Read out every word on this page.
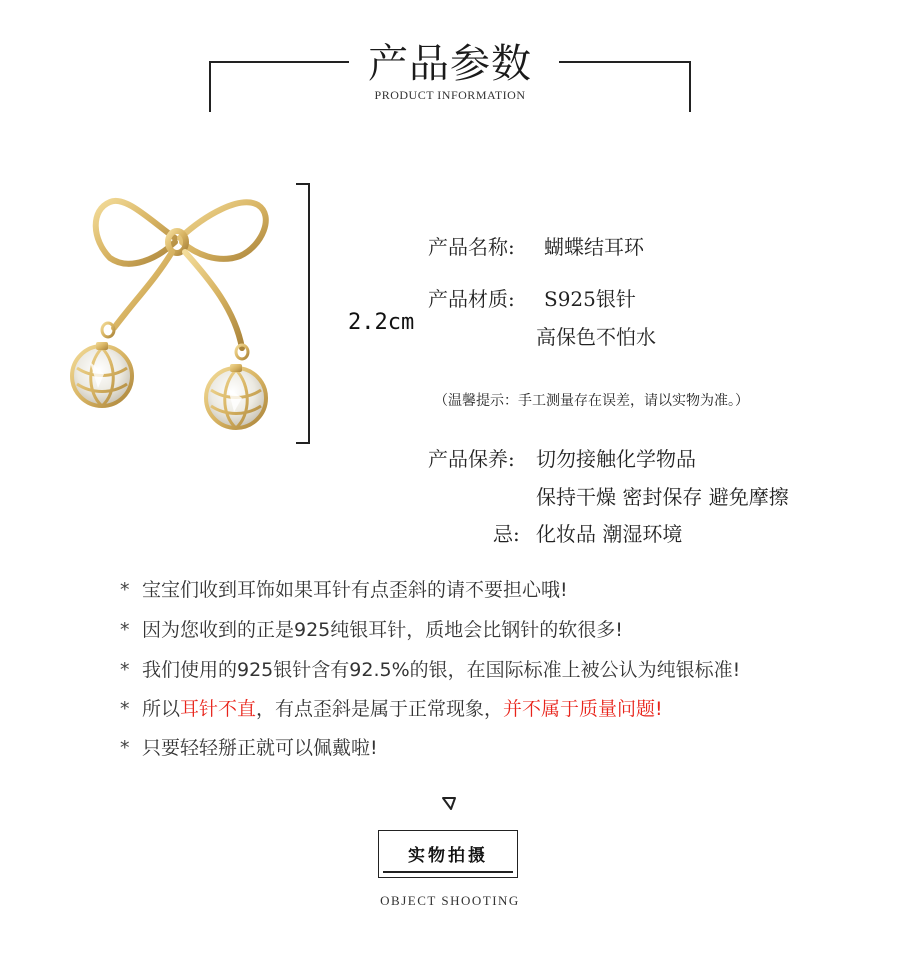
产品参数
PRODUCT INFORMATION
2.2cm
产品名称: 蝴蝶结耳环
产品材质: S925银针
高保色不怕水
（温馨提示：手工测量存在误差，请以实物为准。）
产品保养: 切勿接触化学物品
保持干燥 密封保存 避免摩擦
忌: 化妆品 潮湿环境
* 宝宝们收到耳饰如果耳针有点歪斜的请不要担心哦!
* 因为您收到的正是925纯银耳针，质地会比钢针的软很多!
* 我们使用的925银针含有92.5%的银，在国际标准上被公认为纯银标准!
* 所以耳针不直，有点歪斜是属于正常现象，并不属于质量问题!
* 只要轻轻掰正就可以佩戴啦!
实物拍摄
OBJECT SHOOTING
